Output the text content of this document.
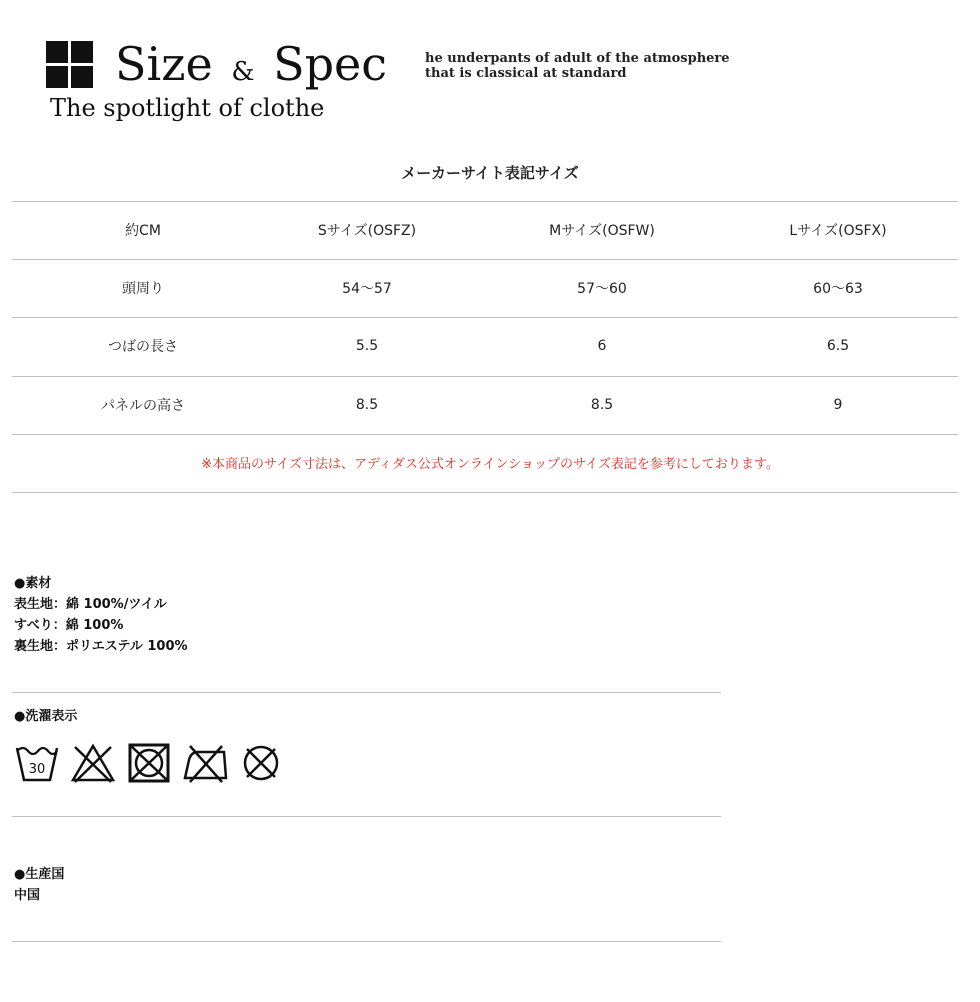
Size & Spec
The spotlight of clothe
he underpants of adult of the atmosphere
that is classical at standard
メーカーサイト表記サイズ
約CM	Sサイズ(OSFZ)	Mサイズ(OSFW)	Lサイズ(OSFX)
頭周り	54〜57	57〜60	60〜63
つばの長さ	5.5	6	6.5
パネルの高さ	8.5	8.5	9
※本商品のサイズ寸法は、アディダス公式オンラインショップのサイズ表記を参考にしております。
●素材
表生地：綿 100%/ツイル
すべり：綿 100%
裏生地：ポリエステル 100%
●洗濯表示
30
●生産国
中国
